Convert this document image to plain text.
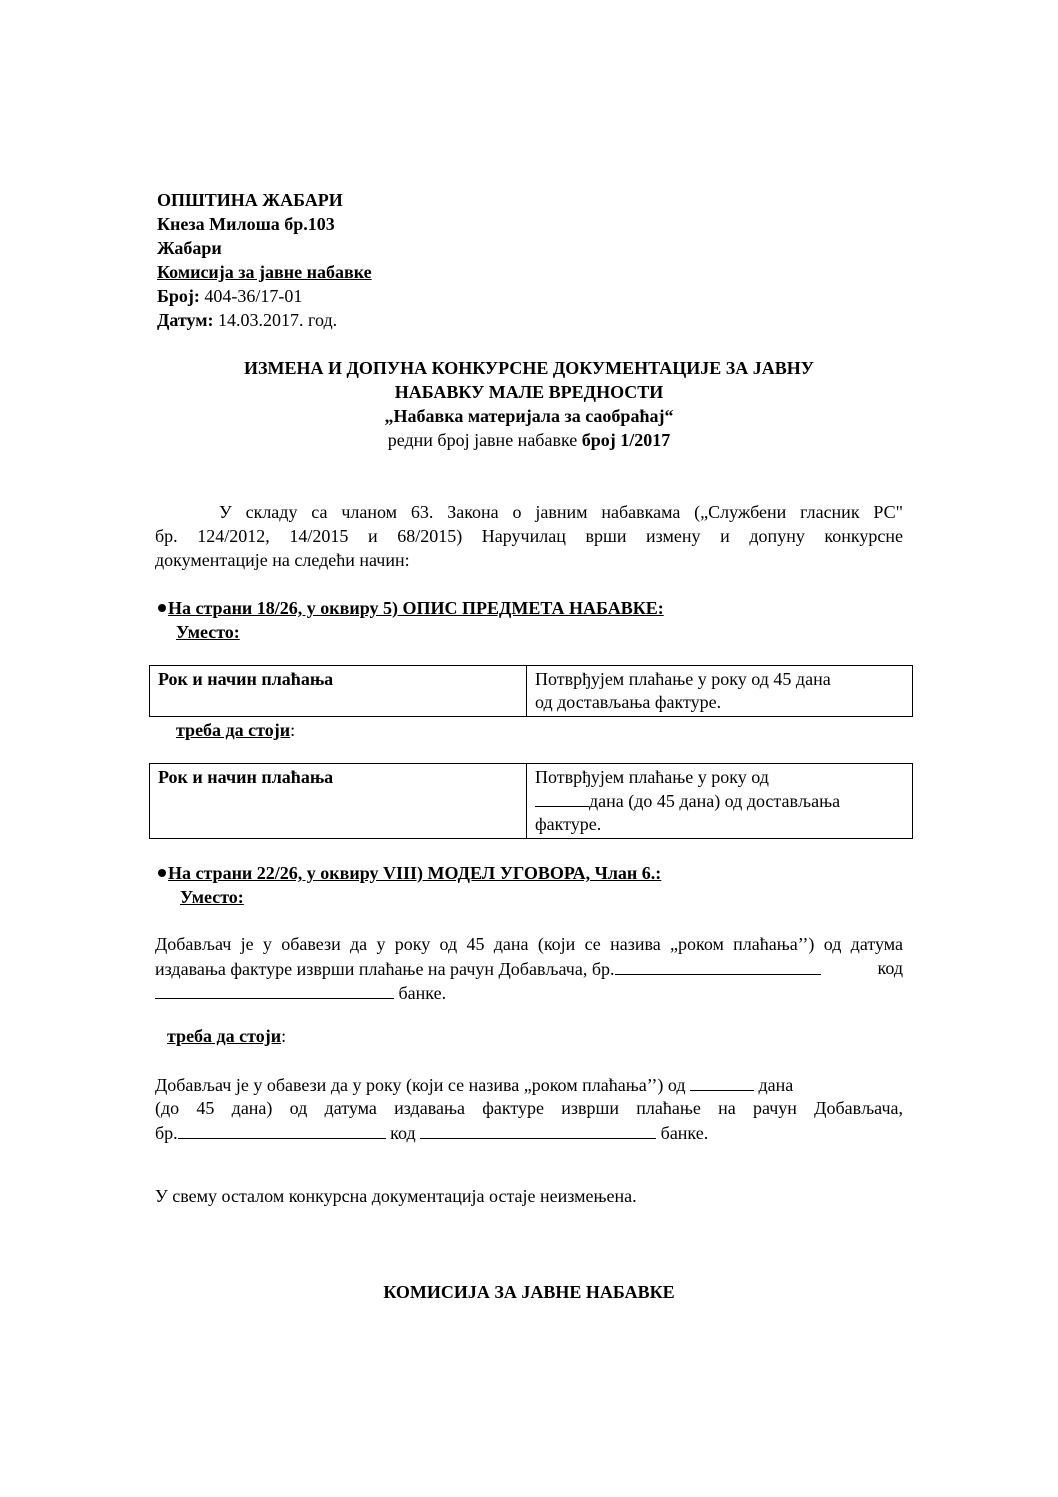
ОПШТИНА ЖАБАРИ
Кнеза Милоша бр.103
Жабари
Комисија за јавне набавке
Број: 404-36/17-01
Датум: 14.03.2017. год.
ИЗМЕНА И ДОПУНА КОНКУРСНЕ ДОКУМЕНТАЦИЈЕ ЗА ЈАВНУ
НАБАВКУ МАЛЕ ВРЕДНОСТИ
„Набавка материјала за саобраћај“
редни број јавне набавке број 1/2017
У складу са чланом 63. Закона о јавним набавкама („Службени гласник РС"
бр. 124/2012, 14/2015 и 68/2015) Наручилац врши измену и допуну конкурсне
документације на следећи начин:
На страни 18/26, у оквиру 5) ОПИС ПРЕДМЕТА НАБАВКЕ:
Уместо:
Рок и начин плаћања	Потврђујем плаћање у року од 45 дана
од достављања фактуре.
треба да стоји:
Рок и начин плаћања	Потврђујем плаћање у року од
дана (до 45 дана) од достављања
фактуре.
На страни 22/26, у оквиру VIII) МОДЕЛ УГОВОРА, Члан 6.:
Уместо:
Добављач је у обавези да у року од 45 дана (који се назива „роком плаћања’’) од датума
издавања фактуре изврши плаћање на рачун Добављача, бр.	код
банке.
треба да стоји:
Добављач је у обавези да у року (који се назива „роком плаћања’’) од	дана
(до 45 дана) од датума издавања фактуре изврши плаћање на рачун Добављача,
бр.	код	банке.
У свему осталом конкурсна документација остаје неизмењена.
КОМИСИЈА ЗА ЈАВНЕ НАБАВКЕ
